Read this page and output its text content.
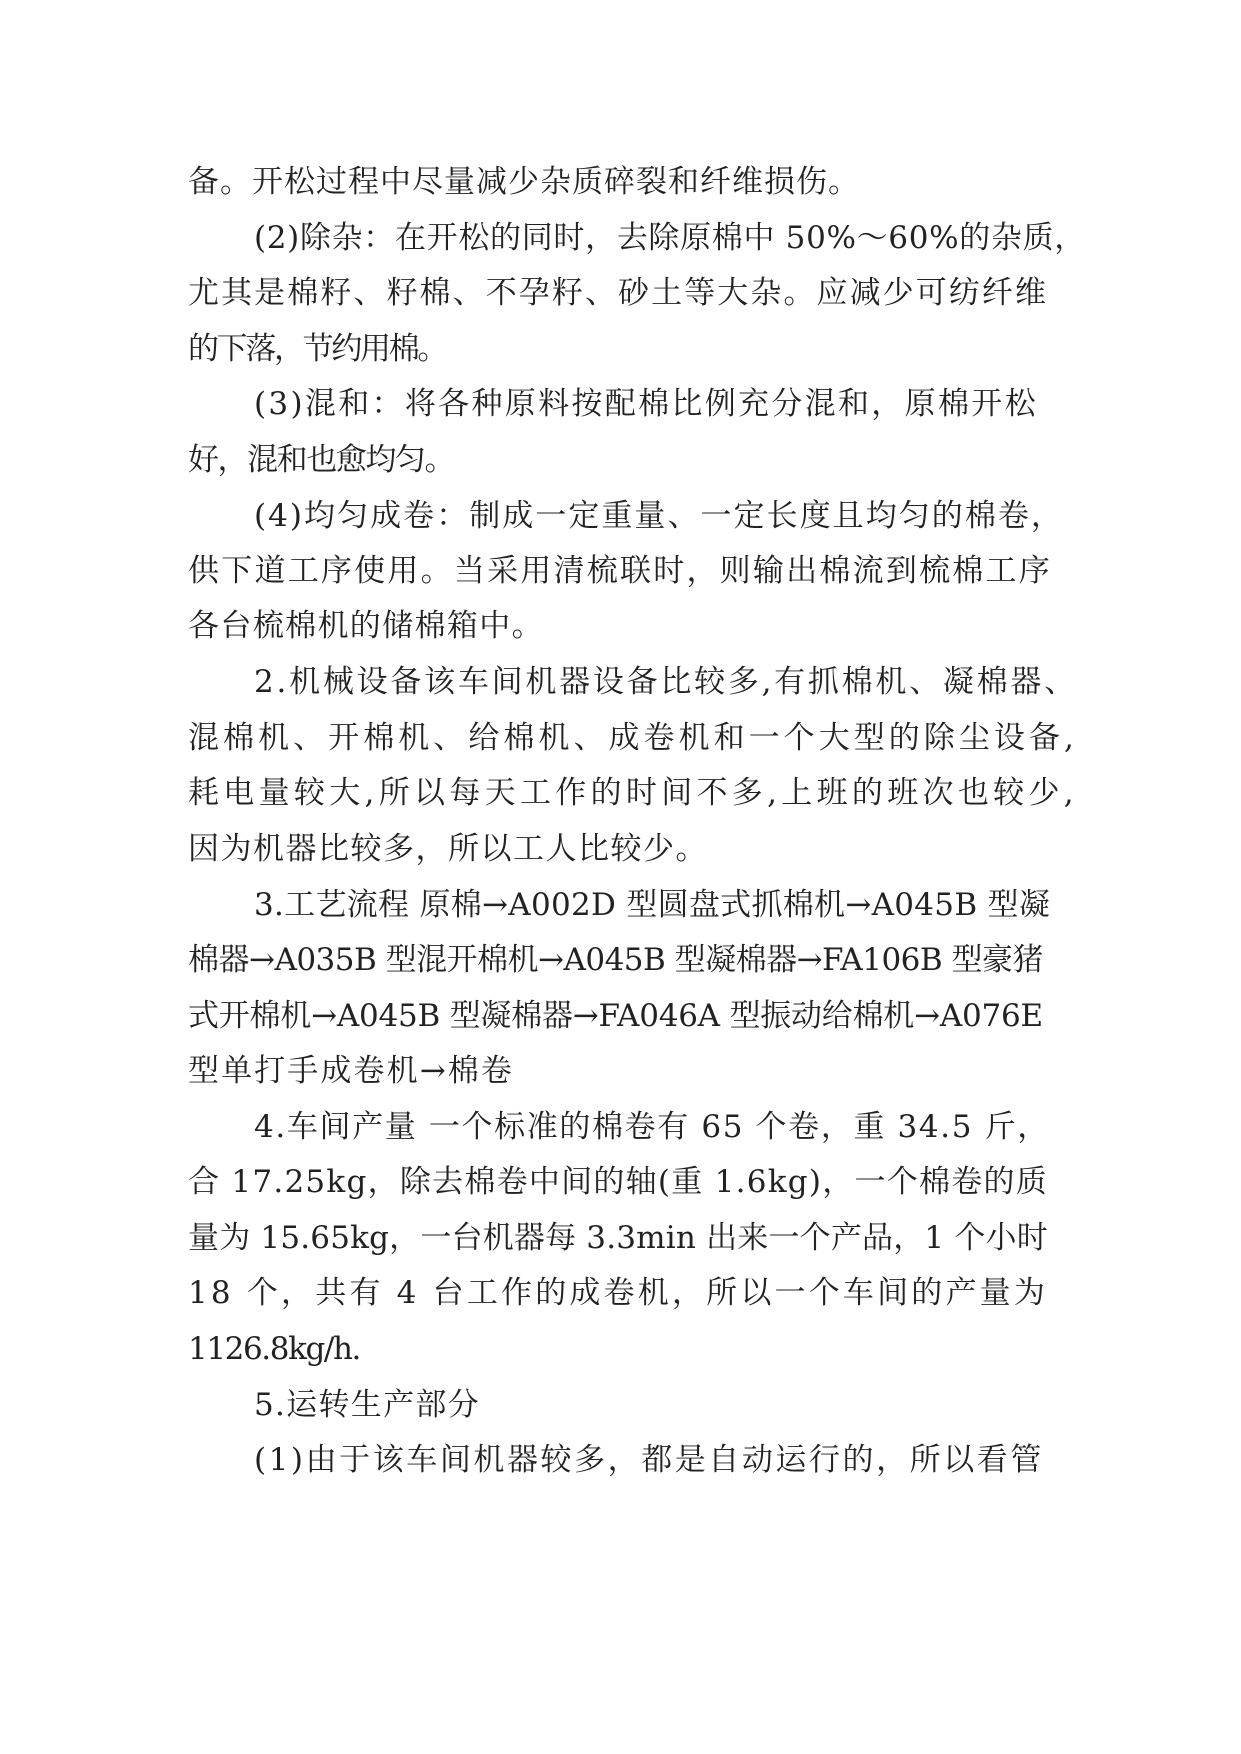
备。开松过程中尽量减少杂质碎裂和纤维损伤。
(2)除杂：在开松的同时，去除原棉中 50%～60%的杂质，
尤其是棉籽、籽棉、不孕籽、砂土等大杂。应减少可纺纤维
的下落，节约用棉。
(3)混和：将各种原料按配棉比例充分混和，原棉开松
好，混和也愈均匀。
(4)均匀成卷：制成一定重量、一定长度且均匀的棉卷，
供下道工序使用。当采用清梳联时，则输出棉流到梳棉工序
各台梳棉机的储棉箱中。
2.机械设备该车间机器设备比较多,有抓棉机、凝棉器、
混棉机、开棉机、给棉机、成卷机和一个大型的除尘设备,
耗电量较大,所以每天工作的时间不多,上班的班次也较少,
因为机器比较多，所以工人比较少。
3.工艺流程 原棉→A002D 型圆盘式抓棉机→A045B 型凝
棉器→A035B 型混开棉机→A045B 型凝棉器→FA106B 型豪猪
式开棉机→A045B 型凝棉器→FA046A 型振动给棉机→A076E
型单打手成卷机→棉卷
4.车间产量 一个标准的棉卷有 65 个卷，重 34.5 斤，
合 17.25kg，除去棉卷中间的轴(重 1.6kg)，一个棉卷的质
量为 15.65kg，一台机器每 3.3min 出来一个产品，1 个小时
18 个，共有 4 台工作的成卷机，所以一个车间的产量为
1126.8kg/h.
5.运转生产部分
(1)由于该车间机器较多，都是自动运行的，所以看管
